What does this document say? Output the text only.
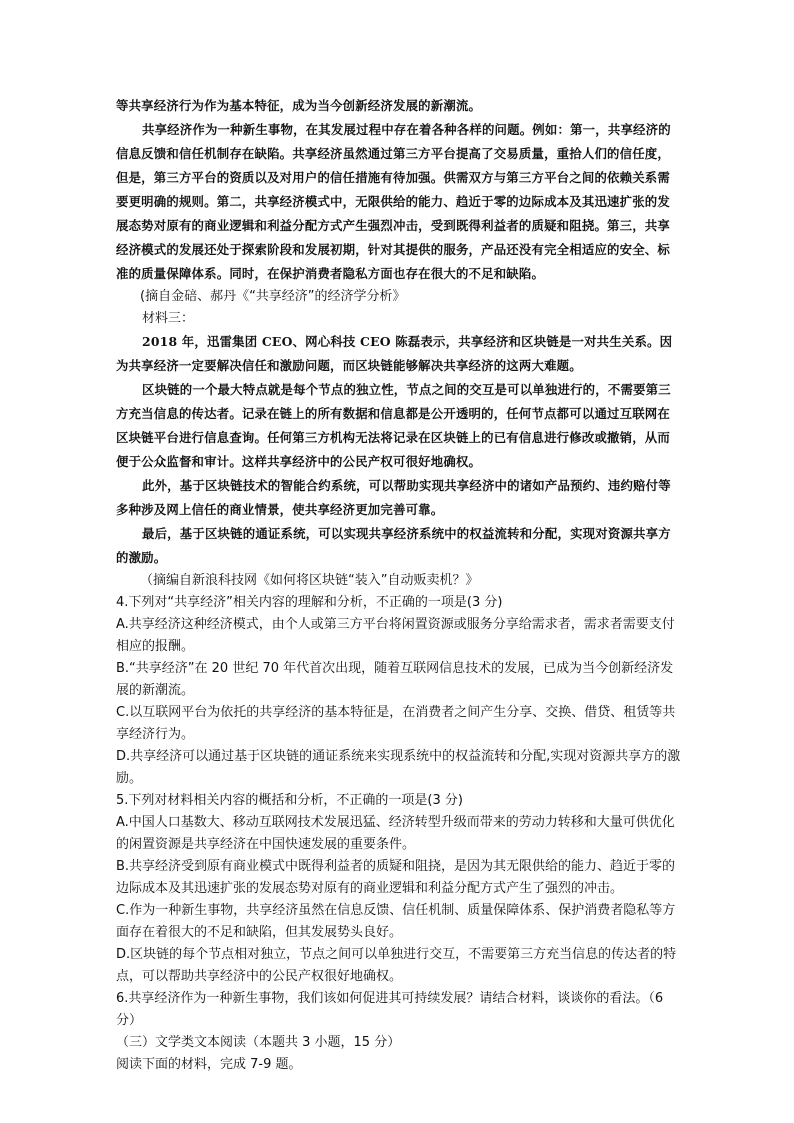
等共享经济行为作为基本特征，成为当今创新经济发展的新潮流。

共享经济作为一种新生事物，在其发展过程中存在着各种各样的问题。例如：第一，共享经济的信息反馈和信任机制存在缺陷。共享经济虽然通过第三方平台提高了交易质量，重拾人们的信任度，但是，第三方平台的资质以及对用户的信任措施有待加强。供需双方与第三方平台之间的依赖关系需要更明确的规则。第二，共享经济模式中，无限供给的能力、趋近于零的边际成本及其迅速扩张的发展态势对原有的商业逻辑和利益分配方式产生强烈冲击，受到既得利益者的质疑和阻挠。第三，共享经济模式的发展还处于探索阶段和发展初期，针对其提供的服务，产品还没有完全相适应的安全、标准的质量保障体系。同时，在保护消费者隐私方面也存在很大的不足和缺陷。

(摘自金碚、郝丹《“共享经济”的经济学分析》

材料三：

2018 年，迅雷集团 CEO、网心科技 CEO 陈磊表示，共享经济和区块链是一对共生关系。因为共享经济一定要解决信任和激励问题，而区块链能够解决共享经济的这两大难题。

区块链的一个最大特点就是每个节点的独立性，节点之间的交互是可以单独进行的，不需要第三方充当信息的传达者。记录在链上的所有数据和信息都是公开透明的，任何节点都可以通过互联网在区块链平台进行信息查询。任何第三方机构无法将记录在区块链上的已有信息进行修改或撤销，从而便于公众监督和审计。这样共享经济中的公民产权可很好地确权。

此外，基于区块链技术的智能合约系统，可以帮助实现共享经济中的诸如产品预约、违约赔付等多种涉及网上信任的商业情景，使共享经济更加完善可靠。

最后，基于区块链的通证系统，可以实现共享经济系统中的权益流转和分配，实现对资源共享方的激励。

（摘编自新浪科技网《如何将区块链“装入”自动贩卖机？》

4.下列对“共享经济”相关内容的理解和分析，不正确的一项是(3 分)

A.共享经济这种经济模式，由个人或第三方平台将闲置资源或服务分享给需求者，需求者需要支付相应的报酬。

B.“共享经济”在 20 世纪 70 年代首次出现，随着互联网信息技术的发展，已成为当今创新经济发展的新潮流。

C.以互联网平台为依托的共享经济的基本特征是，在消费者之间产生分享、交换、借贷、租赁等共享经济行为。

D.共享经济可以通过基于区块链的通证系统来实现系统中的权益流转和分配,实现对资源共享方的激励。

5.下列对材料相关内容的概括和分析，不正确的一项是(3 分)

A.中国人口基数大、移动互联网技术发展迅猛、经济转型升级而带来的劳动力转移和大量可供优化的闲置资源是共享经济在中国快速发展的重要条件。

B.共享经济受到原有商业模式中既得利益者的质疑和阻挠，是因为其无限供给的能力、趋近于零的边际成本及其迅速扩张的发展态势对原有的商业逻辑和利益分配方式产生了强烈的冲击。

C.作为一种新生事物，共享经济虽然在信息反馈、信任机制、质量保障体系、保护消费者隐私等方面存在着很大的不足和缺陷，但其发展势头良好。

D.区块链的每个节点相对独立，节点之间可以单独进行交互，不需要第三方充当信息的传达者的特点，可以帮助共享经济中的公民产权很好地确权。

6.共享经济作为一种新生事物，我们该如何促进其可持续发展？请结合材料，谈谈你的看法。（6 分）

（三）文学类文本阅读（本题共 3 小题，15 分）

阅读下面的材料，完成 7-9 题。
